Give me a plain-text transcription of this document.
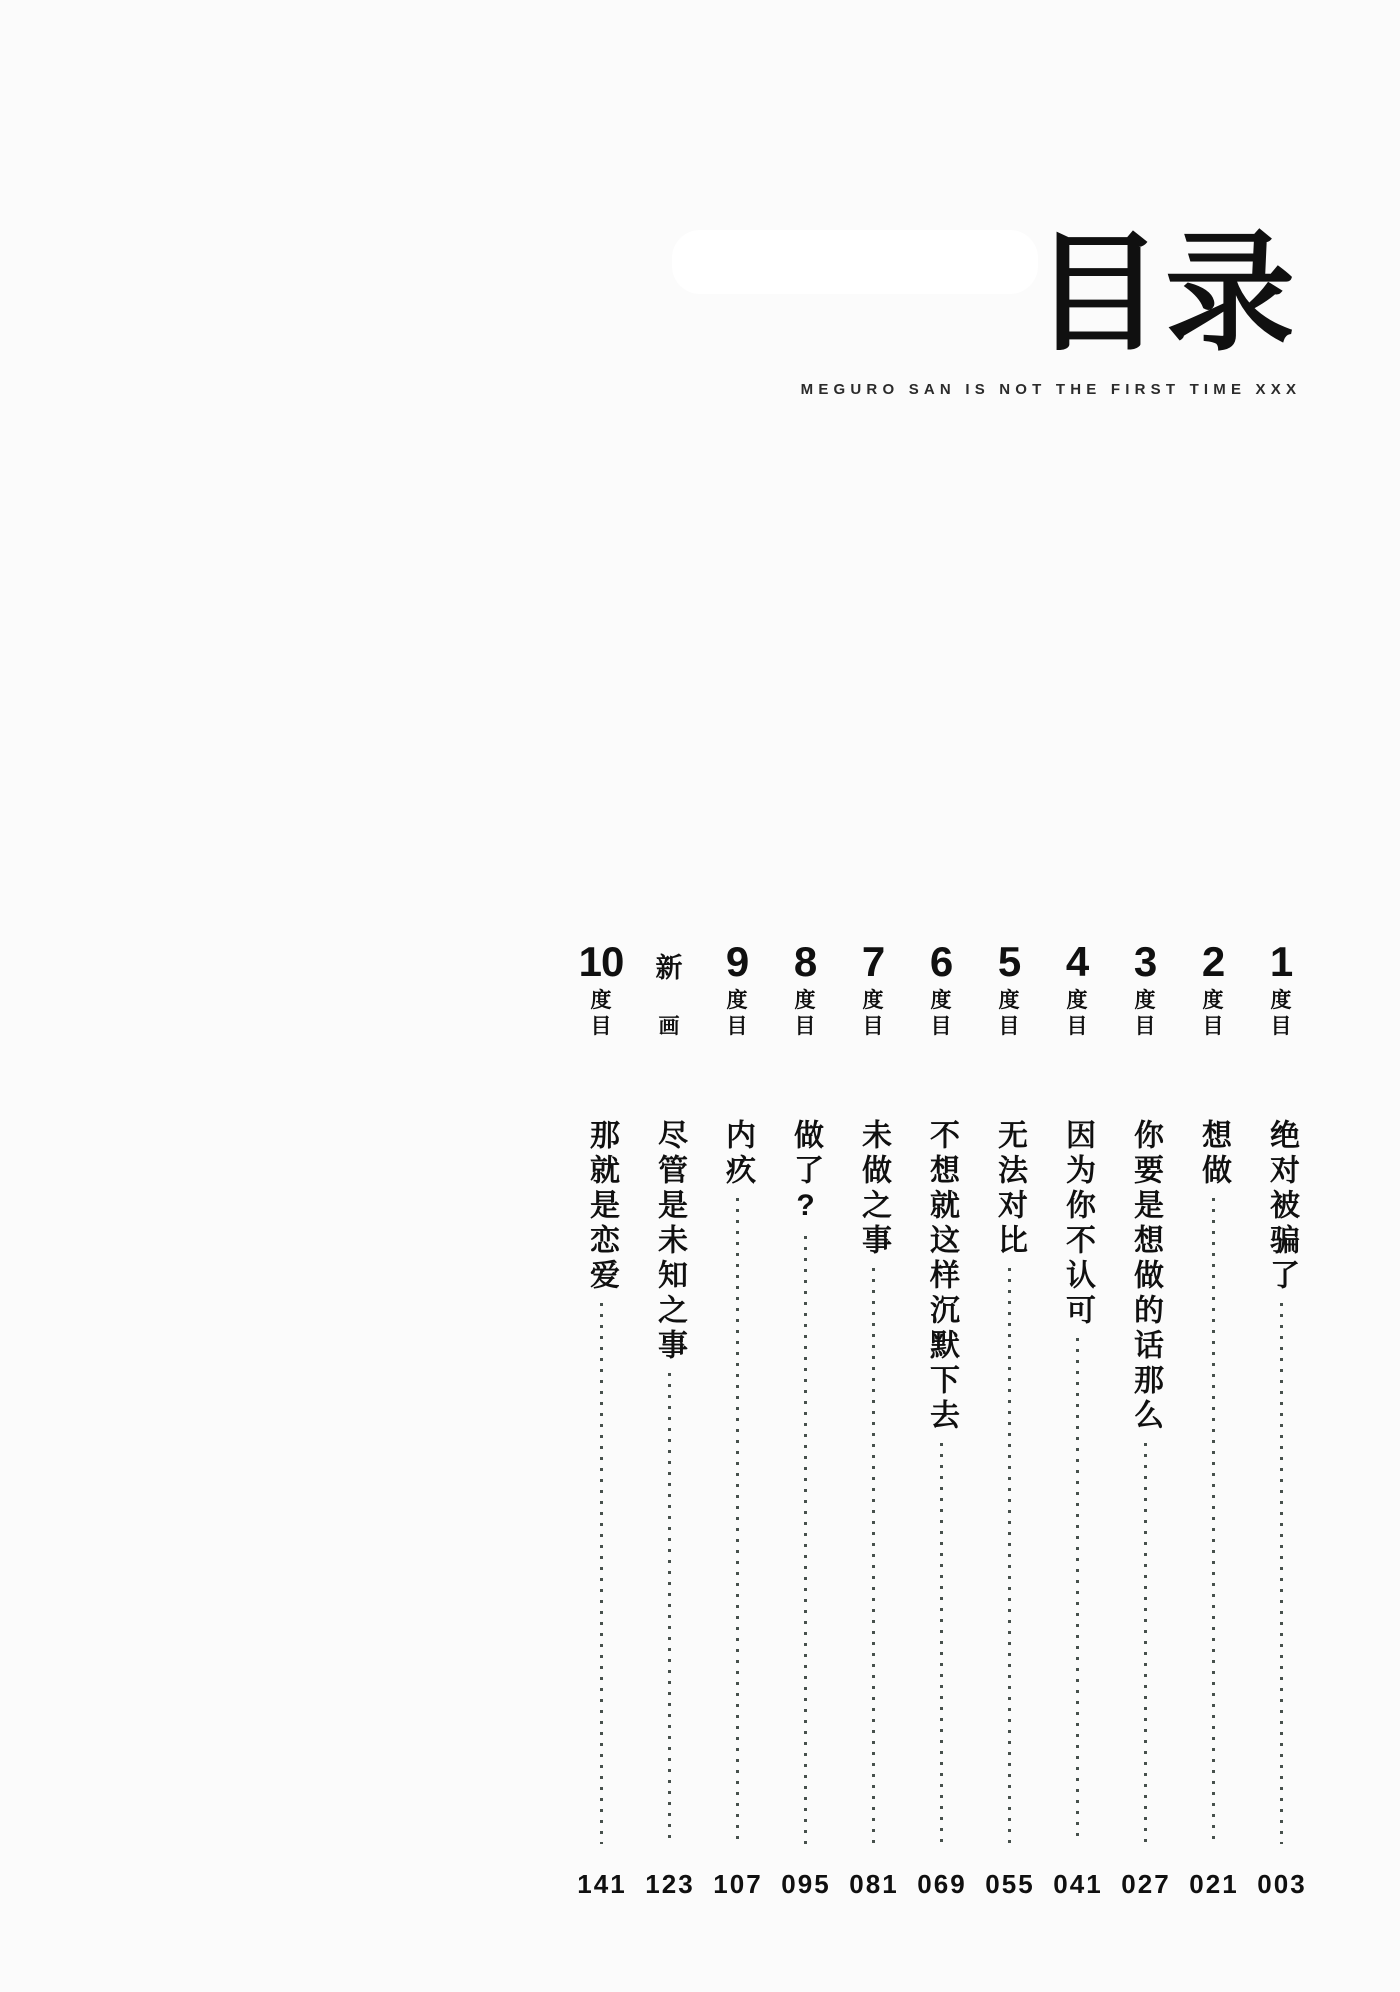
目录
MEGURO SAN IS NOT THE FIRST TIME XXX
10
度
目
那就是恋爱
141
新

画
尽管是未知之事
123
9
度
目
内疚
107
8
度
目
做了?
095
7
度
目
未做之事
081
6
度
目
不想就这样沉默下去
069
5
度
目
无法对比
055
4
度
目
因为你不认可
041
3
度
目
你要是想做的话那么
027
2
度
目
想做
021
1
度
目
绝对被骗了
003
